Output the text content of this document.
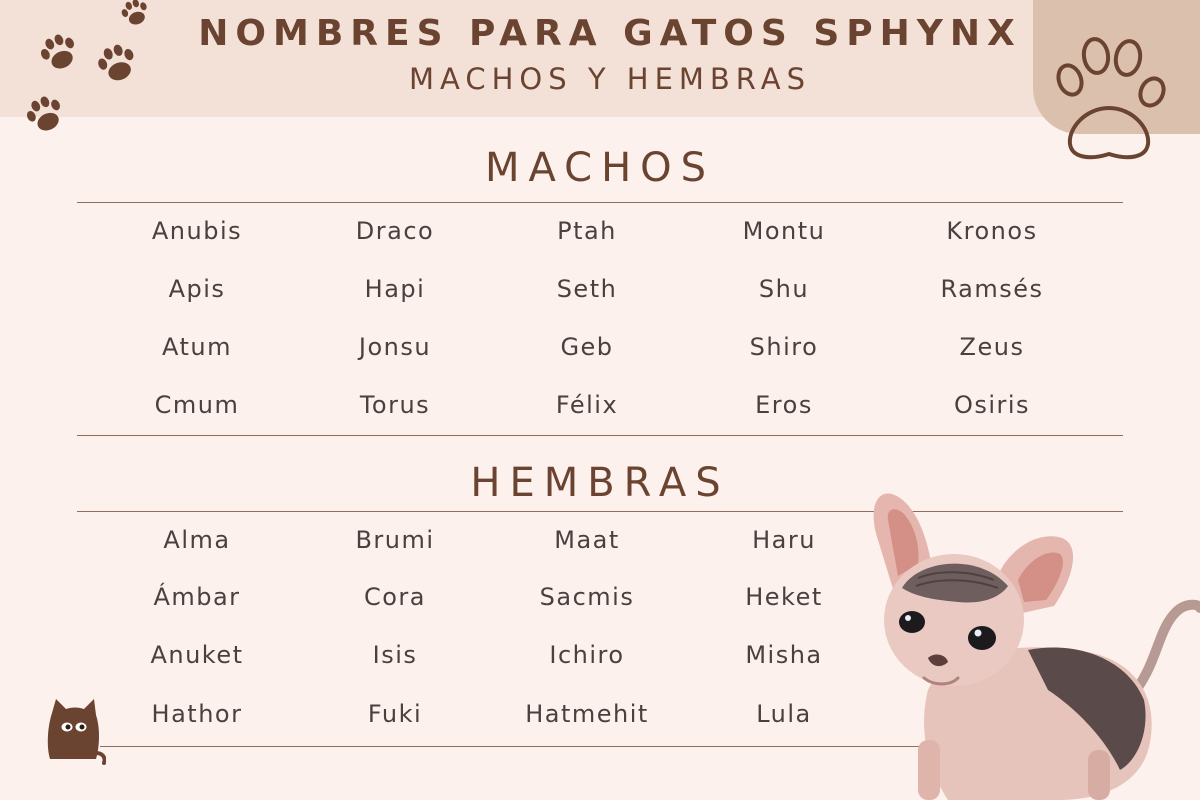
NOMBRES PARA GATOS SPHYNX
MACHOS Y HEMBRAS
MACHOS
Anubis
Apis
Atum
Cmum
Draco
Hapi
Jonsu
Torus
Ptah
Seth
Geb
Félix
Montu
Shu
Shiro
Eros
Kronos
Ramsés
Zeus
Osiris
HEMBRAS
Alma
Ámbar
Anuket
Hathor
Brumi
Cora
Isis
Fuki
Maat
Sacmis
Ichiro
Hatmehit
Haru
Heket
Misha
Lula
